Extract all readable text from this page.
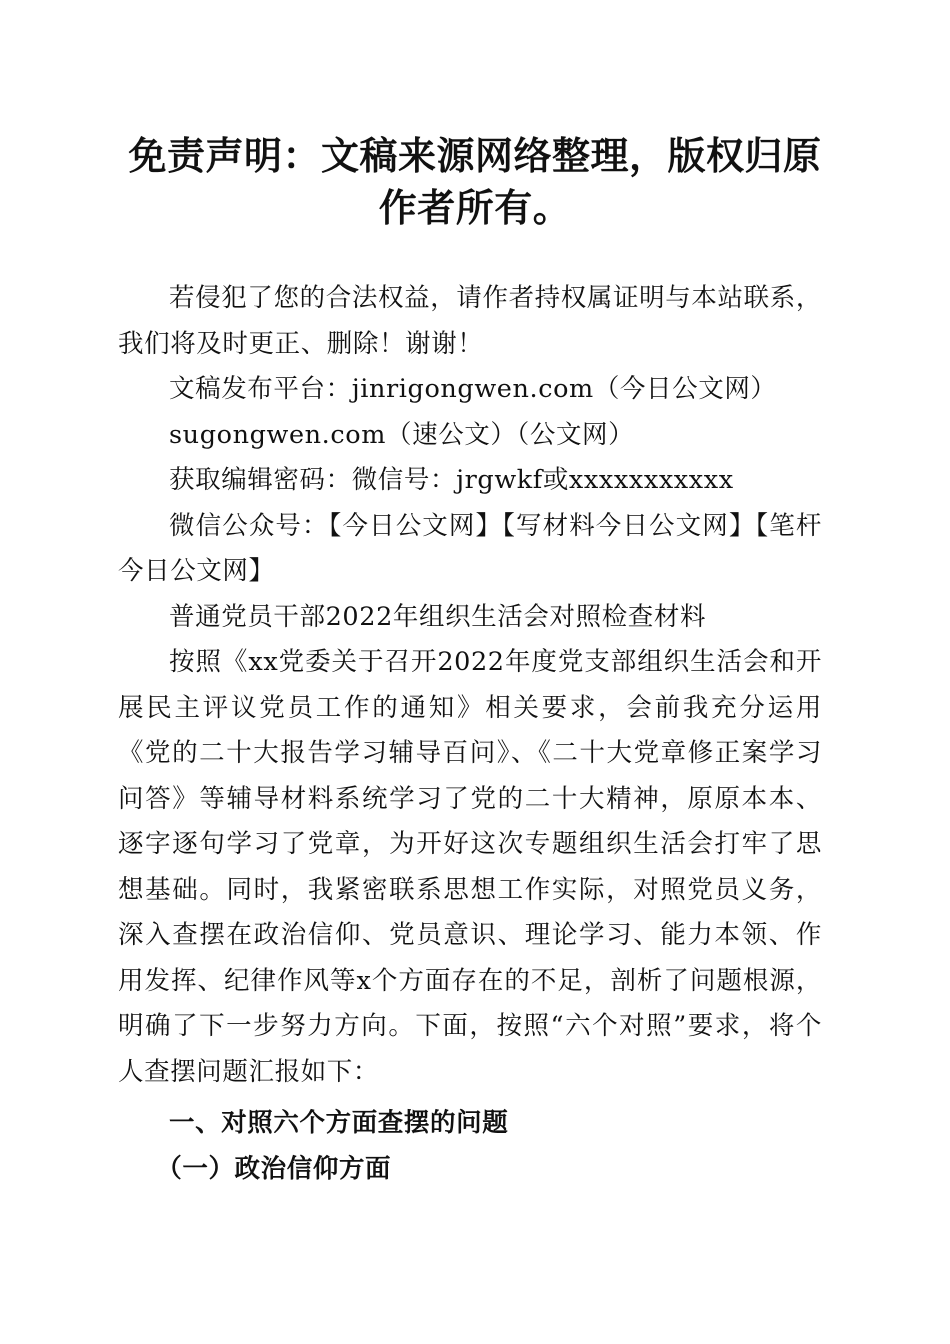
免责声明：文稿来源网络整理，版权归原作者所有。

若侵犯了您的合法权益，请作者持权属证明与本站联系，我们将及时更正、删除！谢谢！

文稿发布平台：jinrigongwen.com（今日公文网）

sugongwen.com（速公文）（公文网）

获取编辑密码：微信号：jrgwkf或xxxxxxxxxxx

微信公众号：【今日公文网】【写材料今日公文网】【笔杆今日公文网】

普通党员干部2022年组织生活会对照检查材料

按照《xx党委关于召开2022年度党支部组织生活会和开展民主评议党员工作的通知》相关要求，会前我充分运用《党的二十大报告学习辅导百问》、《二十大党章修正案学习问答》等辅导材料系统学习了党的二十大精神，原原本本、逐字逐句学习了党章，为开好这次专题组织生活会打牢了思想基础。同时，我紧密联系思想工作实际，对照党员义务，深入查摆在政治信仰、党员意识、理论学习、能力本领、作用发挥、纪律作风等x个方面存在的不足，剖析了问题根源，明确了下一步努力方向。下面，按照“六个对照”要求，将个人查摆问题汇报如下：

一、对照六个方面查摆的问题

（一）政治信仰方面
